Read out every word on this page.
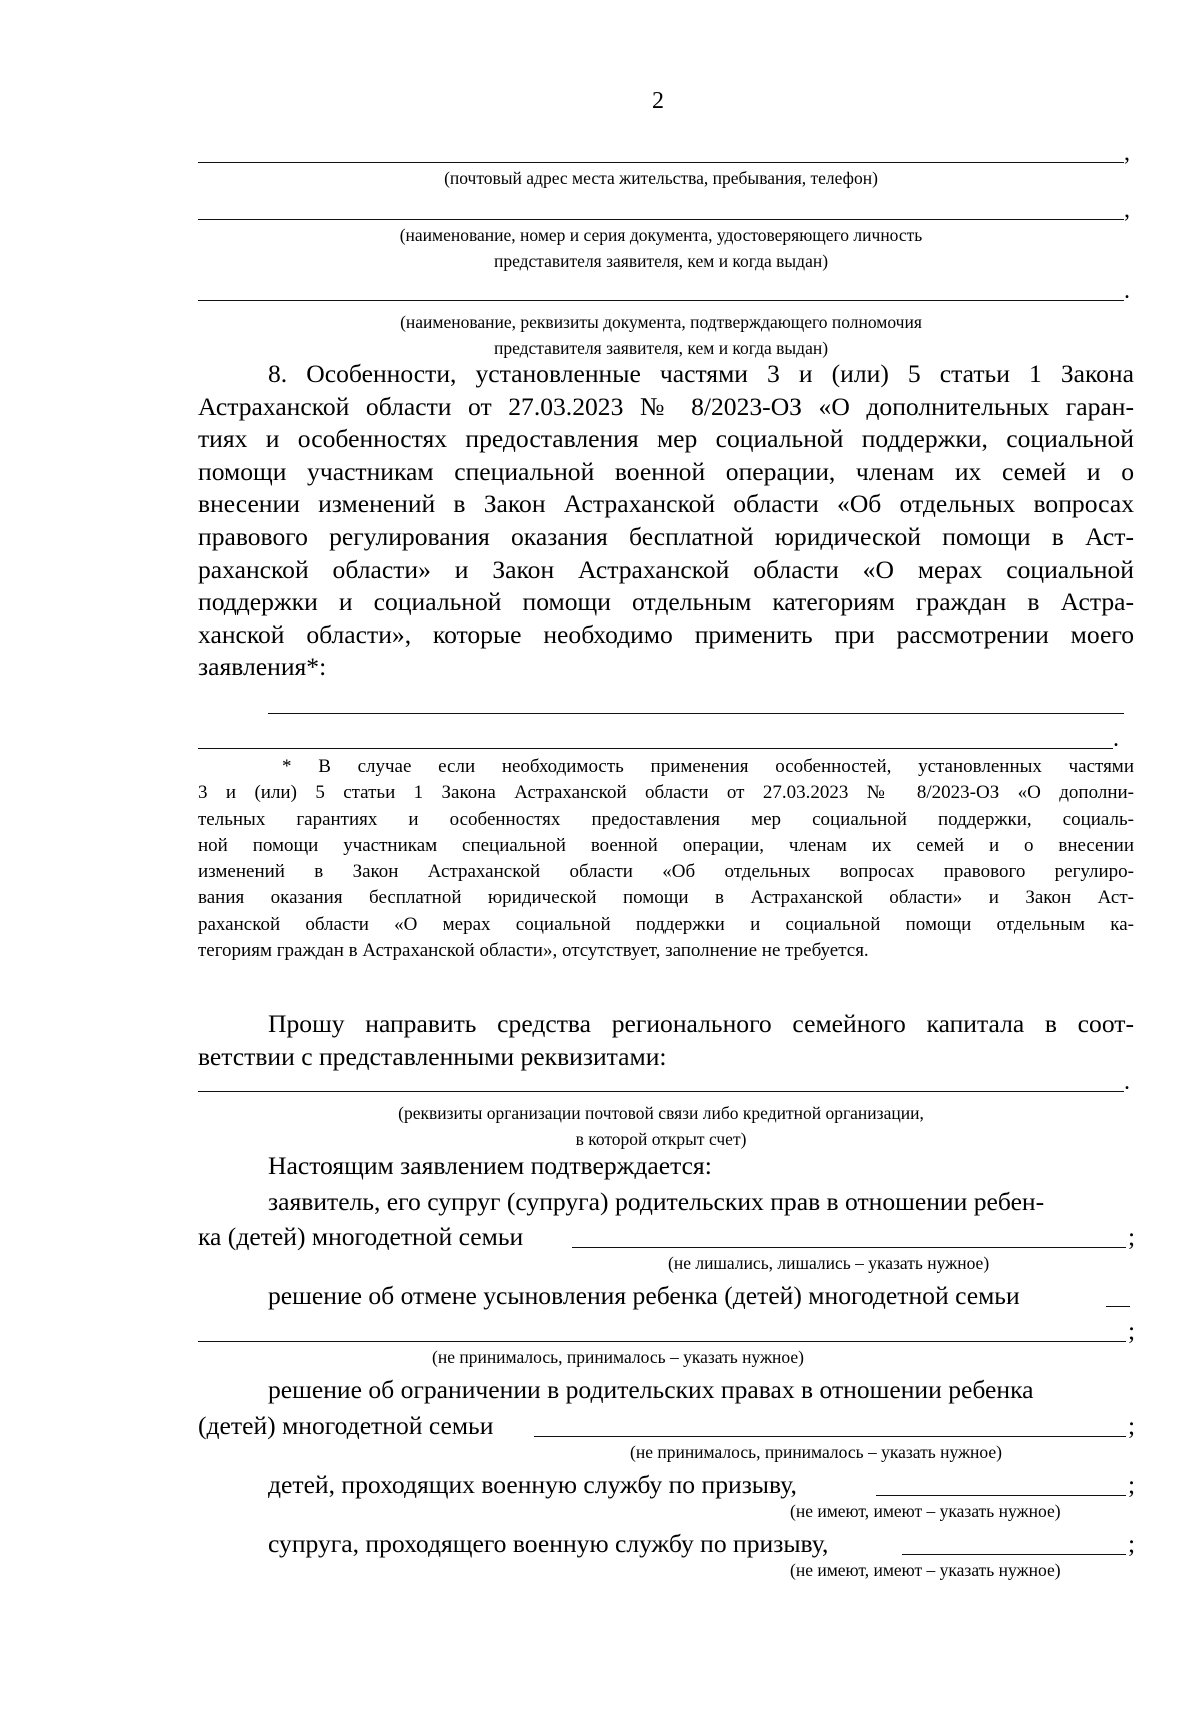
2
,
(почтовый адрес места жительства, пребывания, телефон)
,
(наименование, номер и серия документа, удостоверяющего личность
представителя заявителя, кем и когда выдан)
.
(наименование, реквизиты документа, подтверждающего полномочия
представителя заявителя, кем и когда выдан)
8. Особенности, установленные частями 3 и (или) 5 статьи 1 Закона
Астраханской области от 27.03.2023 № 8/2023-ОЗ «О дополнительных гаран-
тиях и особенностях предоставления мер социальной поддержки, социальной
помощи участникам специальной военной операции, членам их семей и о
внесении изменений в Закон Астраханской области «Об отдельных вопросах
правового регулирования оказания бесплатной юридической помощи в Аст-
раханской области» и Закон Астраханской области «О мерах социальной
поддержки и социальной помощи отдельным категориям граждан в Астра-
ханской области», которые необходимо применить при рассмотрении моего
заявления*:
.
* В случае если необходимость применения особенностей, установленных частями
3 и (или) 5 статьи 1 Закона Астраханской области от 27.03.2023 № 8/2023-ОЗ «О дополни-
тельных гарантиях и особенностях предоставления мер социальной поддержки, социаль-
ной помощи участникам специальной военной операции, членам их семей и о внесении
изменений в Закон Астраханской области «Об отдельных вопросах правового регулиро-
вания оказания бесплатной юридической помощи в Астраханской области» и Закон Аст-
раханской области «О мерах социальной поддержки и социальной помощи отдельным ка-
тегориям граждан в Астраханской области», отсутствует, заполнение не требуется.
Прошу направить средства регионального семейного капитала в соот-
ветствии с представленными реквизитами:
.
(реквизиты организации почтовой связи либо кредитной организации,
в которой открыт счет)
Настоящим заявлением подтверждается:
заявитель, его супруг (супруга) родительских прав в отношении ребен-
ка (детей) многодетной семьи	;
(не лишались, лишались – указать нужное)
решение об отмене усыновления ребенка (детей) многодетной семьи
;
(не принималось, принималось – указать нужное)
решение об ограничении в родительских правах в отношении ребенка
(детей) многодетной семьи	;
(не принималось, принималось – указать нужное)
детей, проходящих военную службу по призыву,	;
(не имеют, имеют – указать нужное)
супруга, проходящего военную службу по призыву,	;
(не имеют, имеют – указать нужное)
